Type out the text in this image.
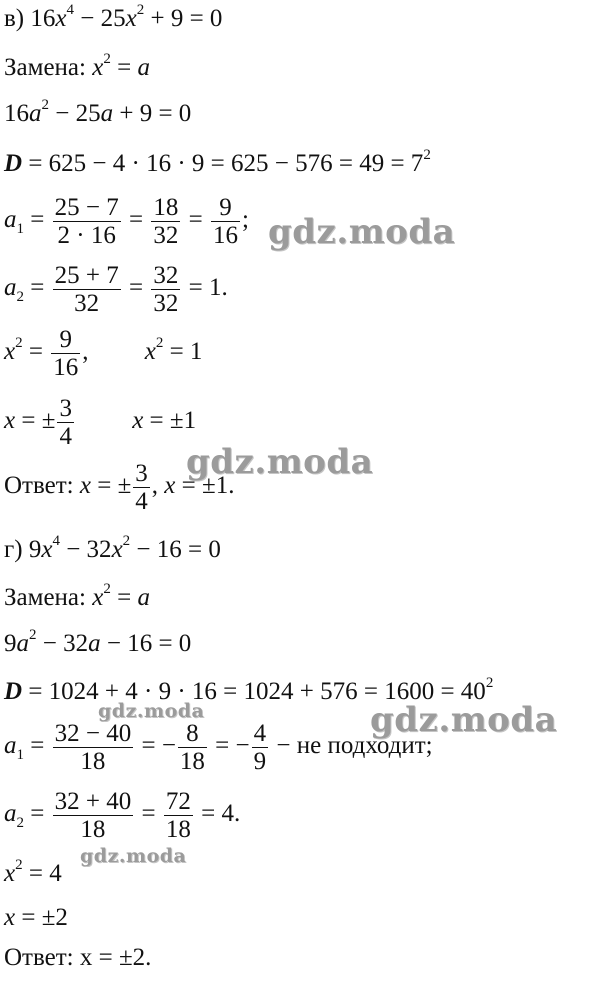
в) $16x^4 - 25x^2 + 9 = 0$
Замена: $x^2 = a$
$16a^2 - 25a + 9 = 0$
$D = 625 - 4 \cdot 16 \cdot 9 = 625 - 576 = 49 = 7^2$
$a_1 = \frac{25 - 7}{2 \cdot 16} = \frac{18}{32} = \frac{9}{16}$ ;
$a_2 = \frac{25 + 7}{32} = \frac{32}{32} = 1$.
$x^2 = \frac{9}{16}$ , $x^2 = 1$
x = ± $\frac{3}{4}$ x = ±1
Ответ: x = ± $\frac{3}{4}$ , x = ±1.
г) $9x^4 - 32x^2 - 16 = 0$
Замена: $x^2 = a$
$9a^2 - 32a - 16 = 0$
$D = 1024 + 4 \cdot 9 \cdot 16 = 1024 + 576 = 1600 = 40^2$
$a_1 = \frac{32 - 40}{18}$ = − $\frac{8}{18}$ = − $\frac{4}{9}$ − не подходит;
$a_2 = \frac{32 + 40}{18} = \frac{72}{18} = 4$.
$x^2 = 4$
x = ±2
Ответ: x = ±2.
gdz.moda
gdz.moda
gdz.moda
gdz.moda
gdz.moda
